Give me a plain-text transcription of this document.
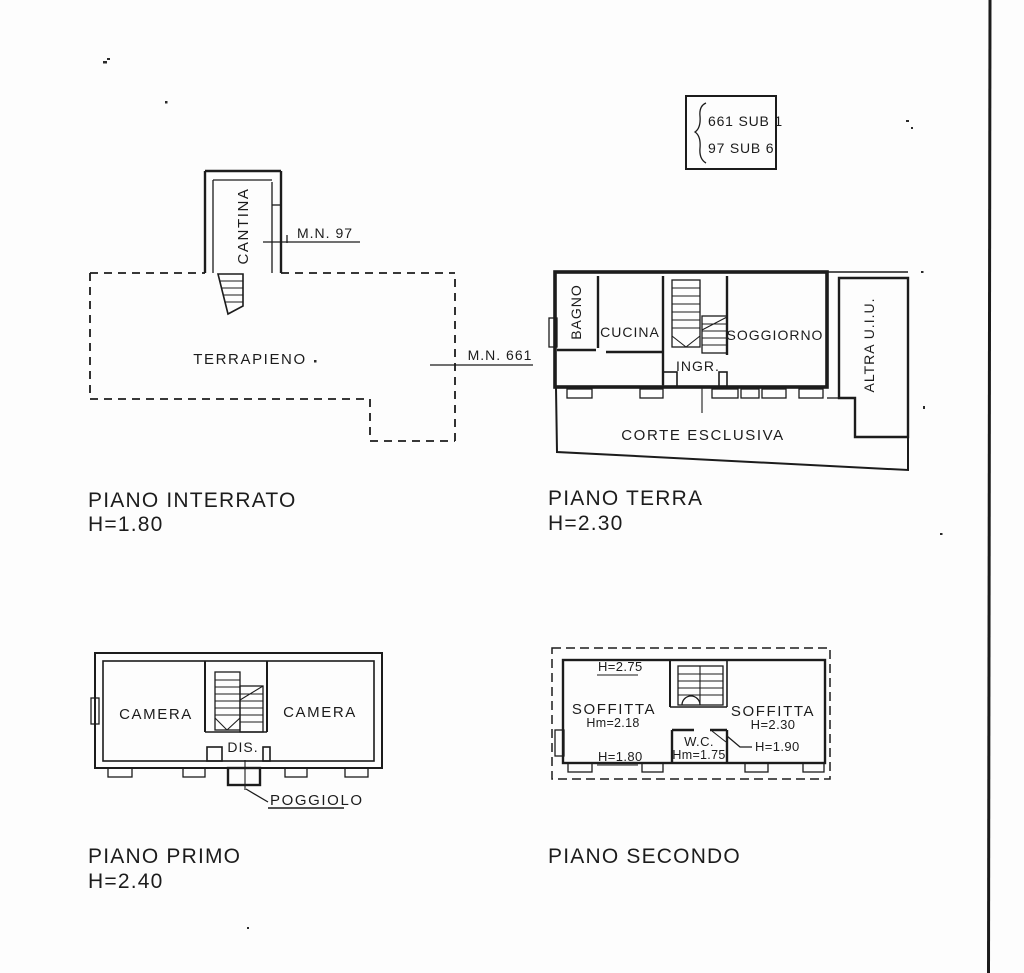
661 SUB 1
97 SUB 6
CANTINA	M.N. 97
TERRAPIENO	M.N. 661
PIANO INTERRATO
H=1.80
BAGNO CUCINA	SOGGIORNO
INGR.	ALTRA U.I.U.
CORTE ESCLUSIVA
PIANO TERRA
H=2.30
CAMERA	CAMERA
DIS.
POGGIOLO
PIANO PRIMO
H=2.40
H=2.75
SOFFITTA
Hm=2.18
H=1.80
SOFFITTA
H=2.30
H=1.90
W.C.
Hm=1.75
PIANO SECONDO
